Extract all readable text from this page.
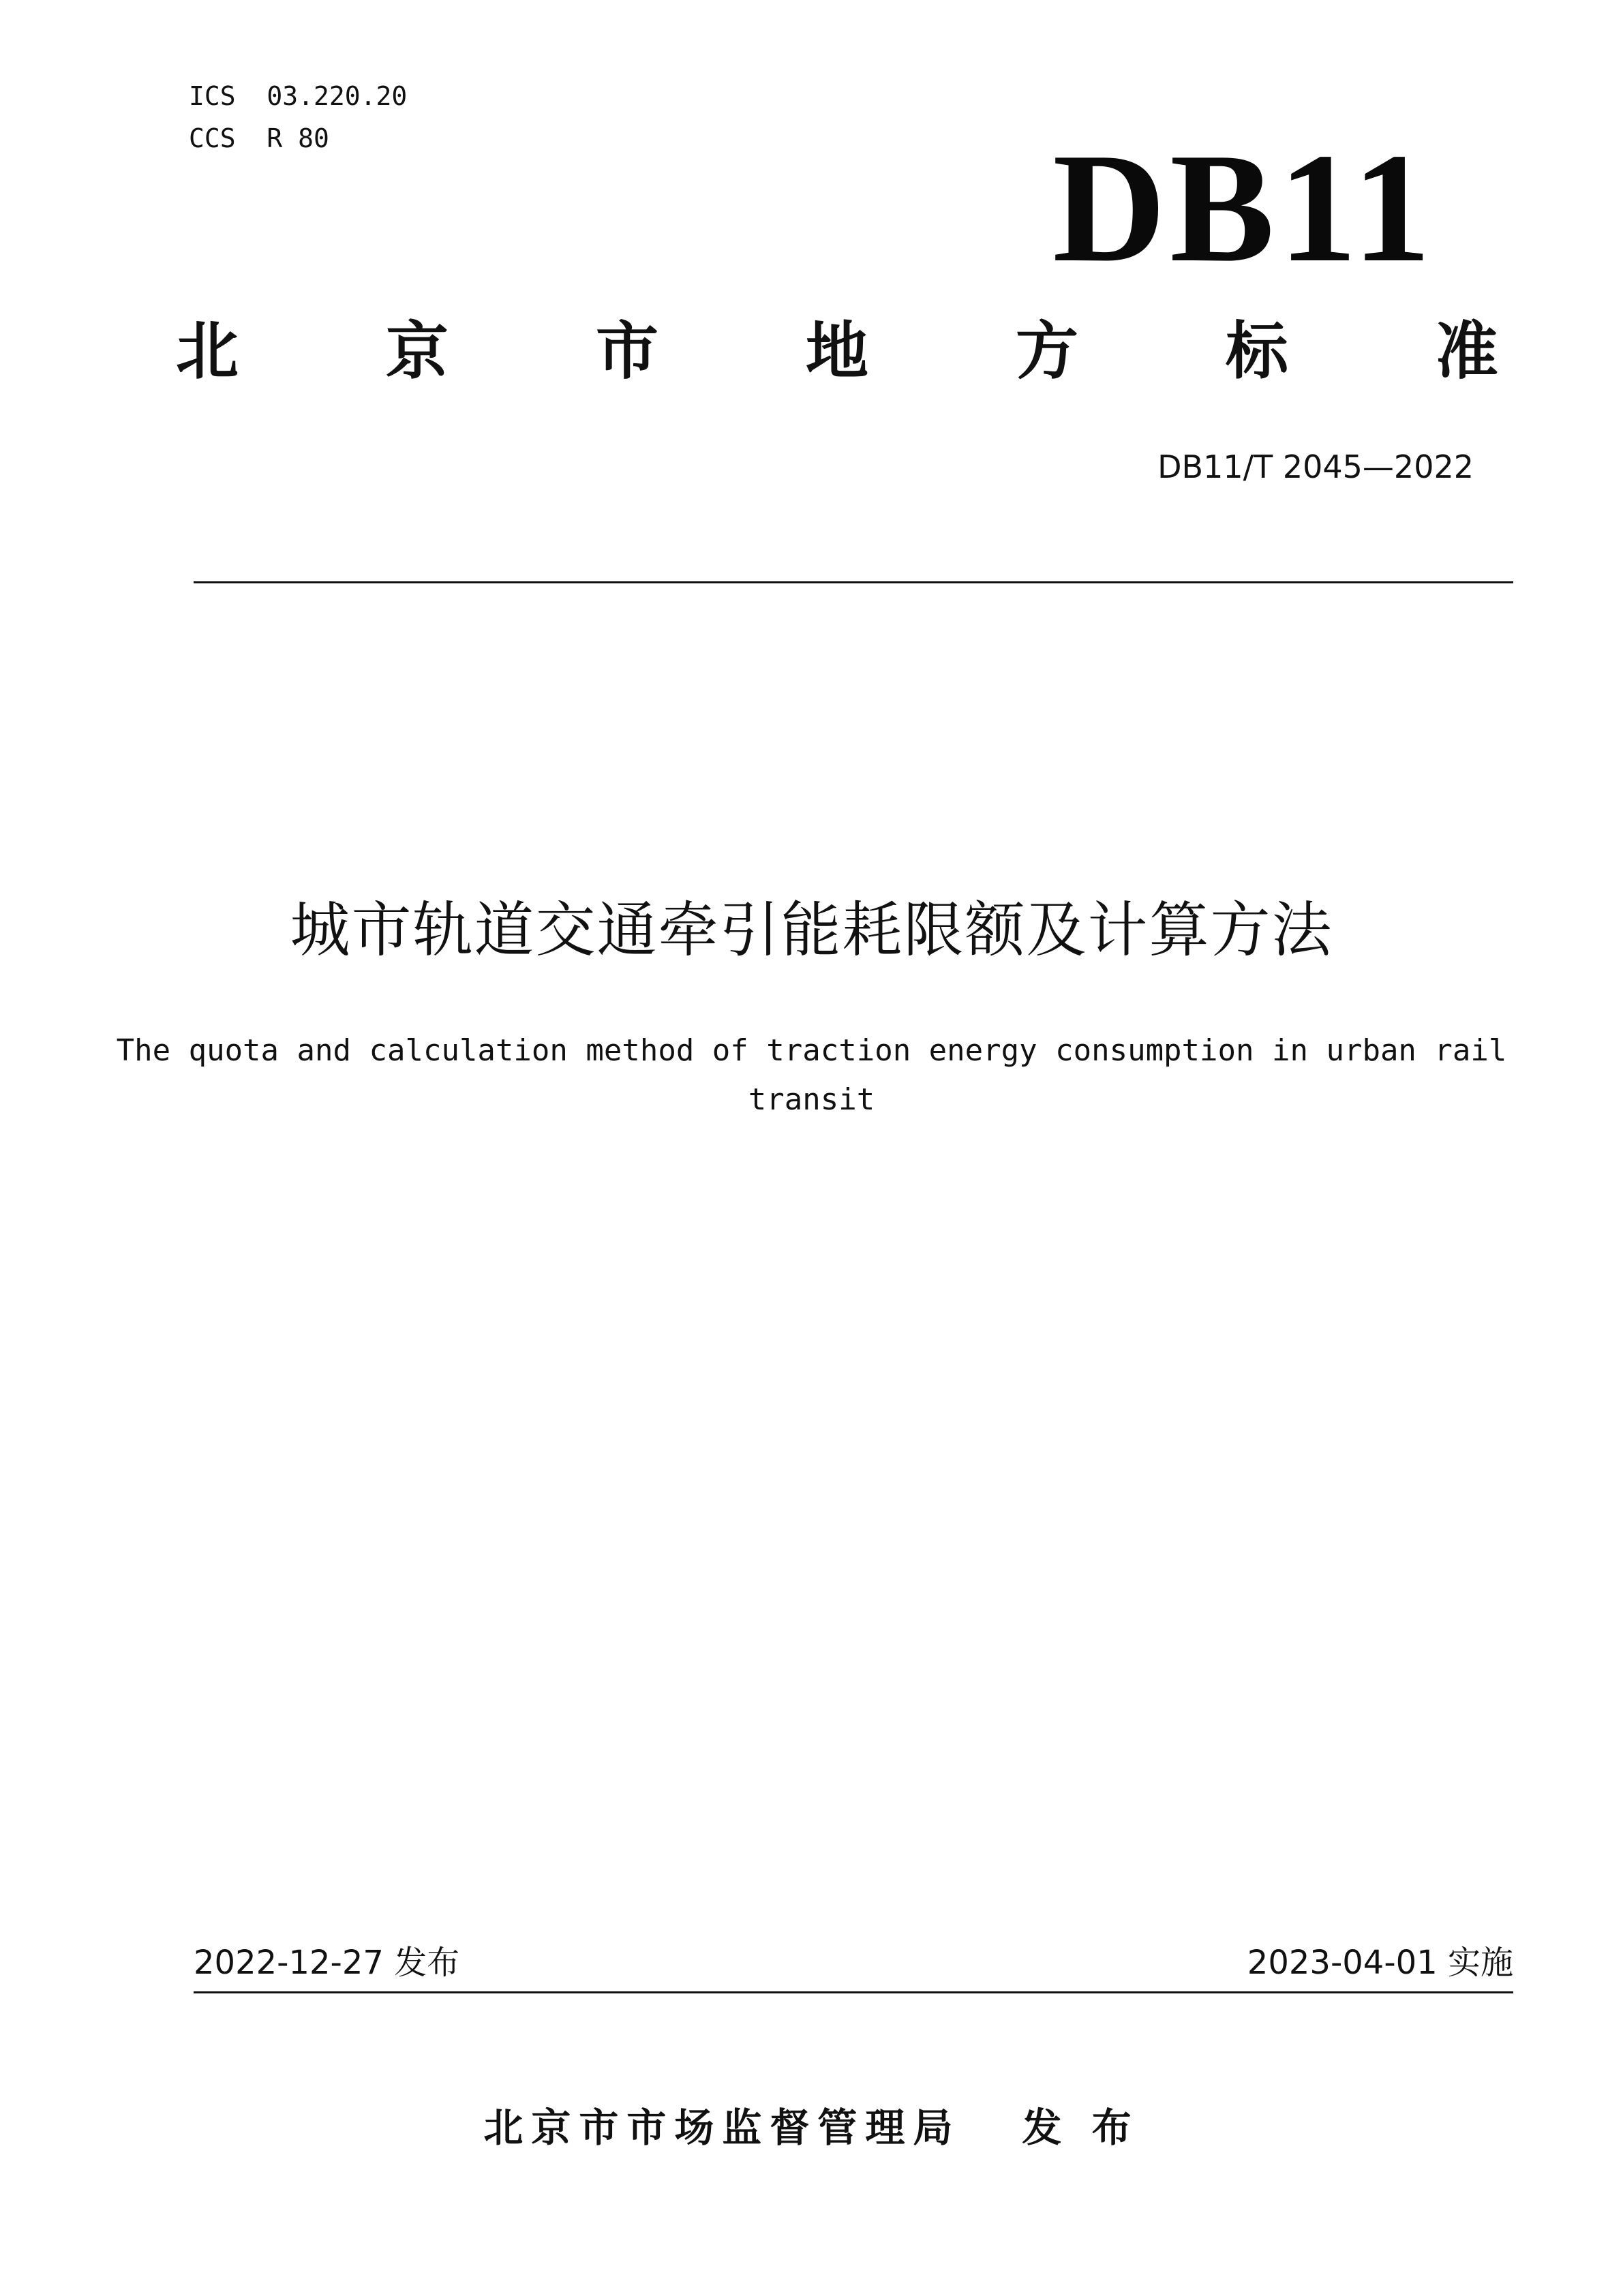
ICS  03.220.20
CCS  R 80	DB11
北 京 市 地 方 标 准
DB11/T 2045—2022
城市轨道交通牵引能耗限额及计算方法
The quota and calculation method of traction energy consumption in urban rail transit
2022-12-27 发布	2023-04-01 实施
北京市市场监督管理局 发 布
